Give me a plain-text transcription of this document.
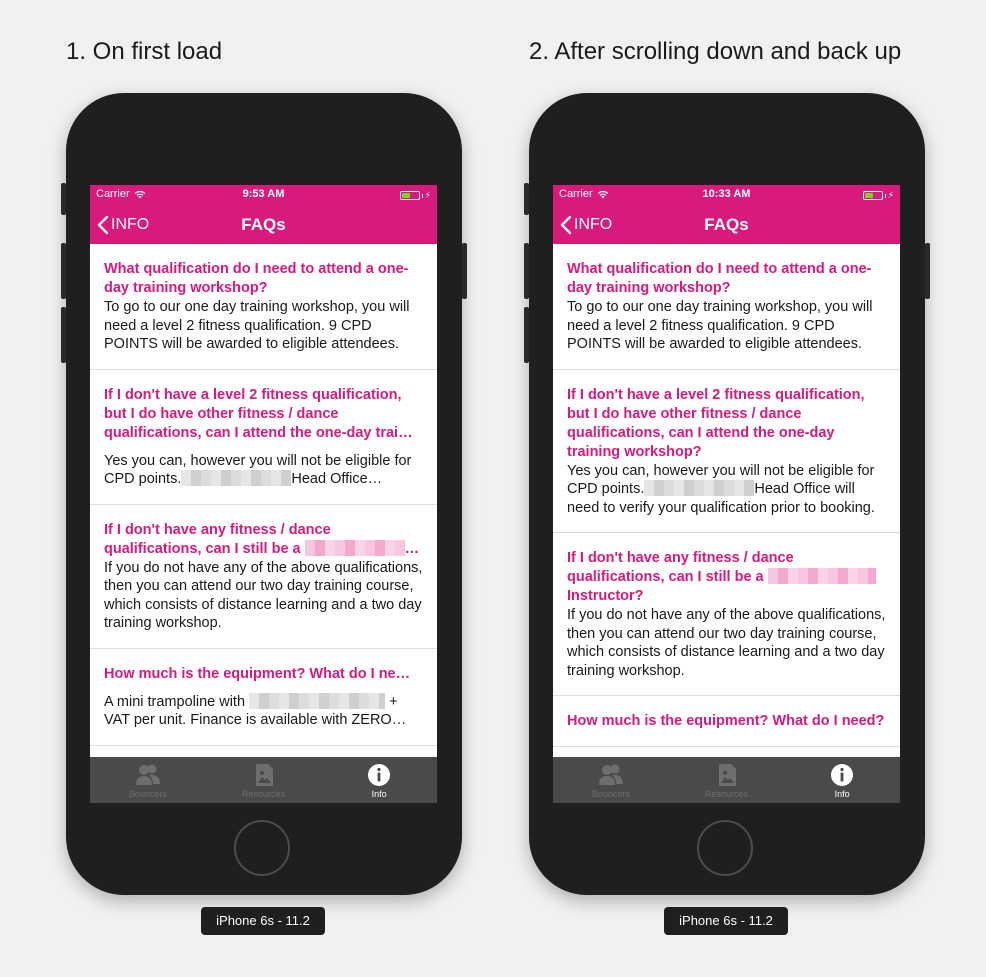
1. On first load
Carrier	9:53 AM	⚡
INFO	FAQs
What qualification do I need to attend a one-day training workshop?
To go to our one day training workshop, you will need a level 2 fitness qualification. 9 CPD POINTS will be awarded to eligible attendees.
If I don't have a level 2 fitness qualification, but I do have other fitness / dance qualifications, can I attend the one-day trai…
Yes you can, however you will not be eligible for CPD points.	Head Office…
If I don't have any fitness / dance qualifications, can I still be a	…
If you do not have any of the above qualifications, then you can attend our two day training course, which consists of distance learning and a two day training workshop.
How much is the equipment? What do I ne…
A mini trampoline with	+ VAT per unit. Finance is available with ZERO…
Bouncers	Resources	Info
iPhone 6s - 11.2
2. After scrolling down and back up
Carrier	10:33 AM	⚡
INFO	FAQs
What qualification do I need to attend a one-day training workshop?
To go to our one day training workshop, you will need a level 2 fitness qualification. 9 CPD POINTS will be awarded to eligible attendees.
If I don't have a level 2 fitness qualification, but I do have other fitness / dance qualifications, can I attend the one-day training workshop?
Yes you can, however you will not be eligible for CPD points.	Head Office will need to verify your qualification prior to booking.
If I don't have any fitness / dance qualifications, can I still be a  Instructor?
If you do not have any of the above qualifications, then you can attend our two day training course, which consists of distance learning and a two day training workshop.
How much is the equipment? What do I need?
Bouncers	Resources	Info
iPhone 6s - 11.2
